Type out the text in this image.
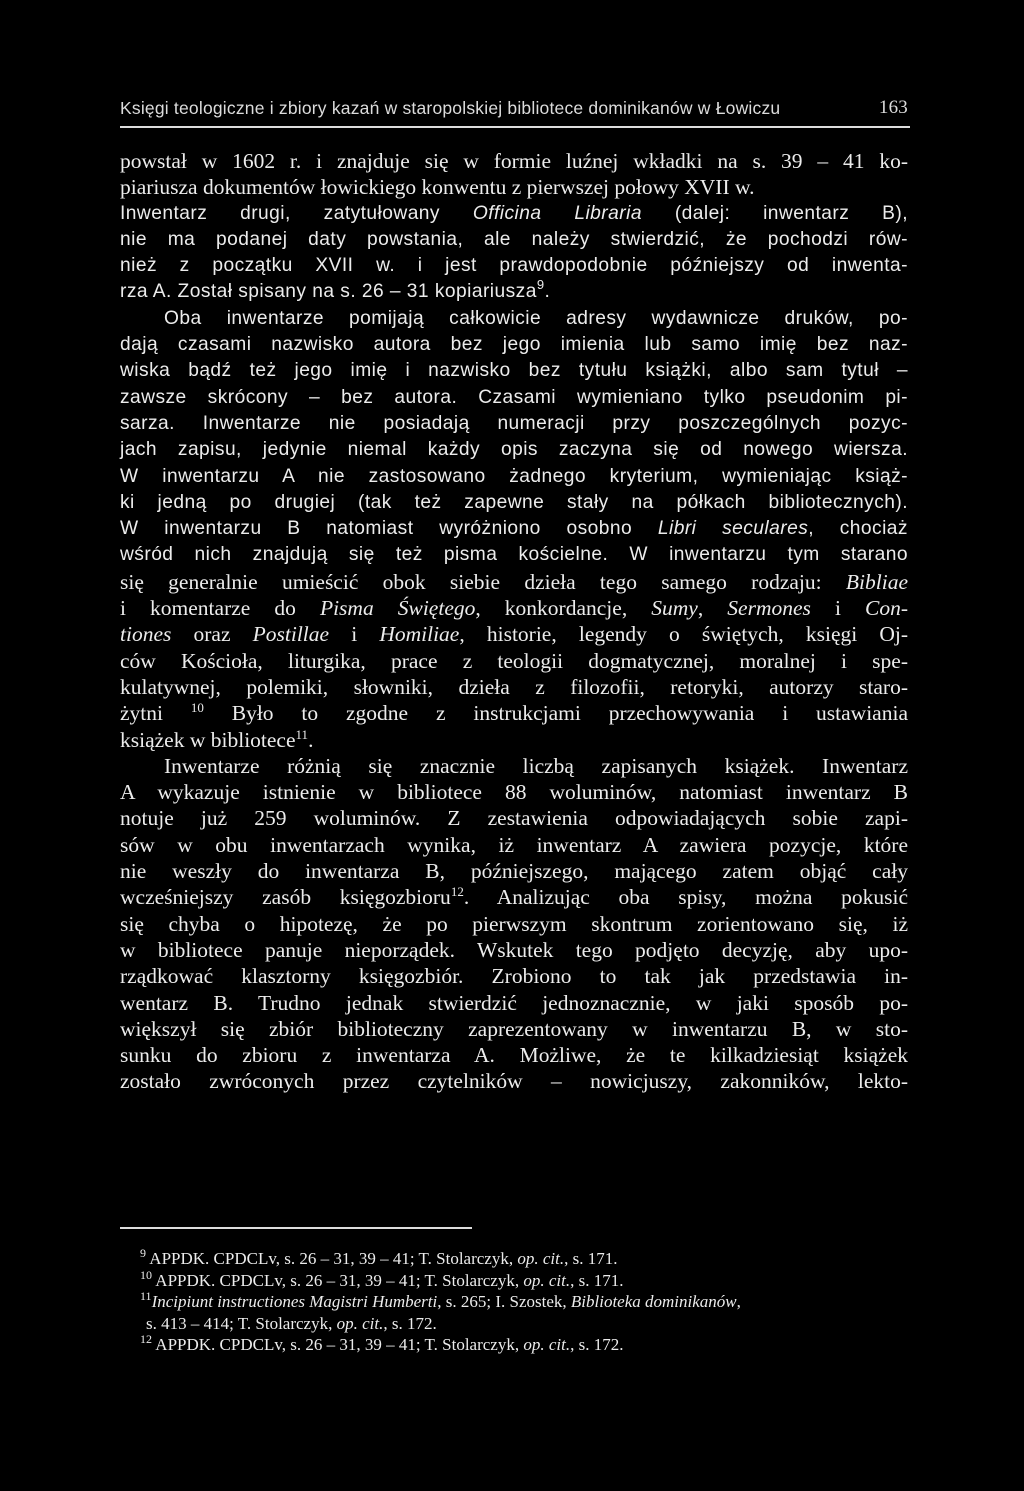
Księgi teologiczne i zbiory kazań w staropolskiej bibliotece dominikanów w Łowiczu	163
powstał w 1602 r. i znajduje się w formie luźnej wkładki na s. 39 – 41 ko-
piariusza dokumentów łowickiego konwentu z pierwszej połowy XVII w.
Inwentarz drugi, zatytułowany Officina Libraria (dalej: inwentarz B),
nie ma podanej daty powstania, ale należy stwierdzić, że pochodzi rów-
nież z początku XVII w. i jest prawdopodobnie późniejszy od inwenta-
rza A. Został spisany na s. 26 – 31 kopiariusza$^9$.
Oba inwentarze pomijają całkowicie adresy wydawnicze druków, po-
dają czasami nazwisko autora bez jego imienia lub samo imię bez naz-
wiska bądź też jego imię i nazwisko bez tytułu książki, albo sam tytuł –
zawsze skrócony – bez autora. Czasami wymieniano tylko pseudonim pi-
sarza. Inwentarze nie posiadają numeracji przy poszczególnych pozyc-
jach zapisu, jedynie niemal każdy opis zaczyna się od nowego wiersza.
W inwentarzu A nie zastosowano żadnego kryterium, wymieniając książ-
ki jedną po drugiej (tak też zapewne stały na półkach bibliotecznych).
W inwentarzu B natomiast wyróżniono osobno Libri seculares, chociaż
wśród nich znajdują się też pisma kościelne. W inwentarzu tym starano
się generalnie umieścić obok siebie dzieła tego samego rodzaju: Bibliae
i komentarze do Pisma Świętego, konkordancje, Sumy, Sermones i Con-
tiones oraz Postillae i Homiliae, historie, legendy o świętych, księgi Oj-
ców Kościoła, liturgika, prace z teologii dogmatycznej, moralnej i spe-
kulatywnej, polemiki, słowniki, dzieła z filozofii, retoryki, autorzy staro-
żytni $^{10}$ Było to zgodne z instrukcjami przechowywania i ustawiania
książek w bibliotece$^{11}$.
Inwentarze różnią się znacznie liczbą zapisanych książek. Inwentarz
A wykazuje istnienie w bibliotece 88 woluminów, natomiast inwentarz B
notuje już 259 woluminów. Z zestawienia odpowiadających sobie zapi-
sów w obu inwentarzach wynika, iż inwentarz A zawiera pozycje, które
nie weszły do inwentarza B, późniejszego, mającego zatem objąć cały
wcześniejszy zasób księgozbioru$^{12}$. Analizując oba spisy, można pokusić
się chyba o hipotezę, że po pierwszym skontrum zorientowano się, iż
w bibliotece panuje nieporządek. Wskutek tego podjęto decyzję, aby upo-
rządkować klasztorny księgozbiór. Zrobiono to tak jak przedstawia in-
wentarz B. Trudno jednak stwierdzić jednoznacznie, w jaki sposób po-
większył się zbiór biblioteczny zaprezentowany w inwentarzu B, w sto-
sunku do zbioru z inwentarza A. Możliwe, że te kilkadziesiąt książek
zostało zwróconych przez czytelników – nowicjuszy, zakonników, lekto-
$^9$ APPDK. CPDCLv, s. 26 – 31, 39 – 41; T. Stolarczyk, op. cit., s. 171.
$^{10}$ APPDK. CPDCLv, s. 26 – 31, 39 – 41; T. Stolarczyk, op. cit., s. 171.
$^{11}$Incipiunt instructiones Magistri Humberti, s. 265; I. Szostek, Biblioteka dominikanów,
s. 413 – 414; T. Stolarczyk, op. cit., s. 172.
$^{12}$ APPDK. CPDCLv, s. 26 – 31, 39 – 41; T. Stolarczyk, op. cit., s. 172.
